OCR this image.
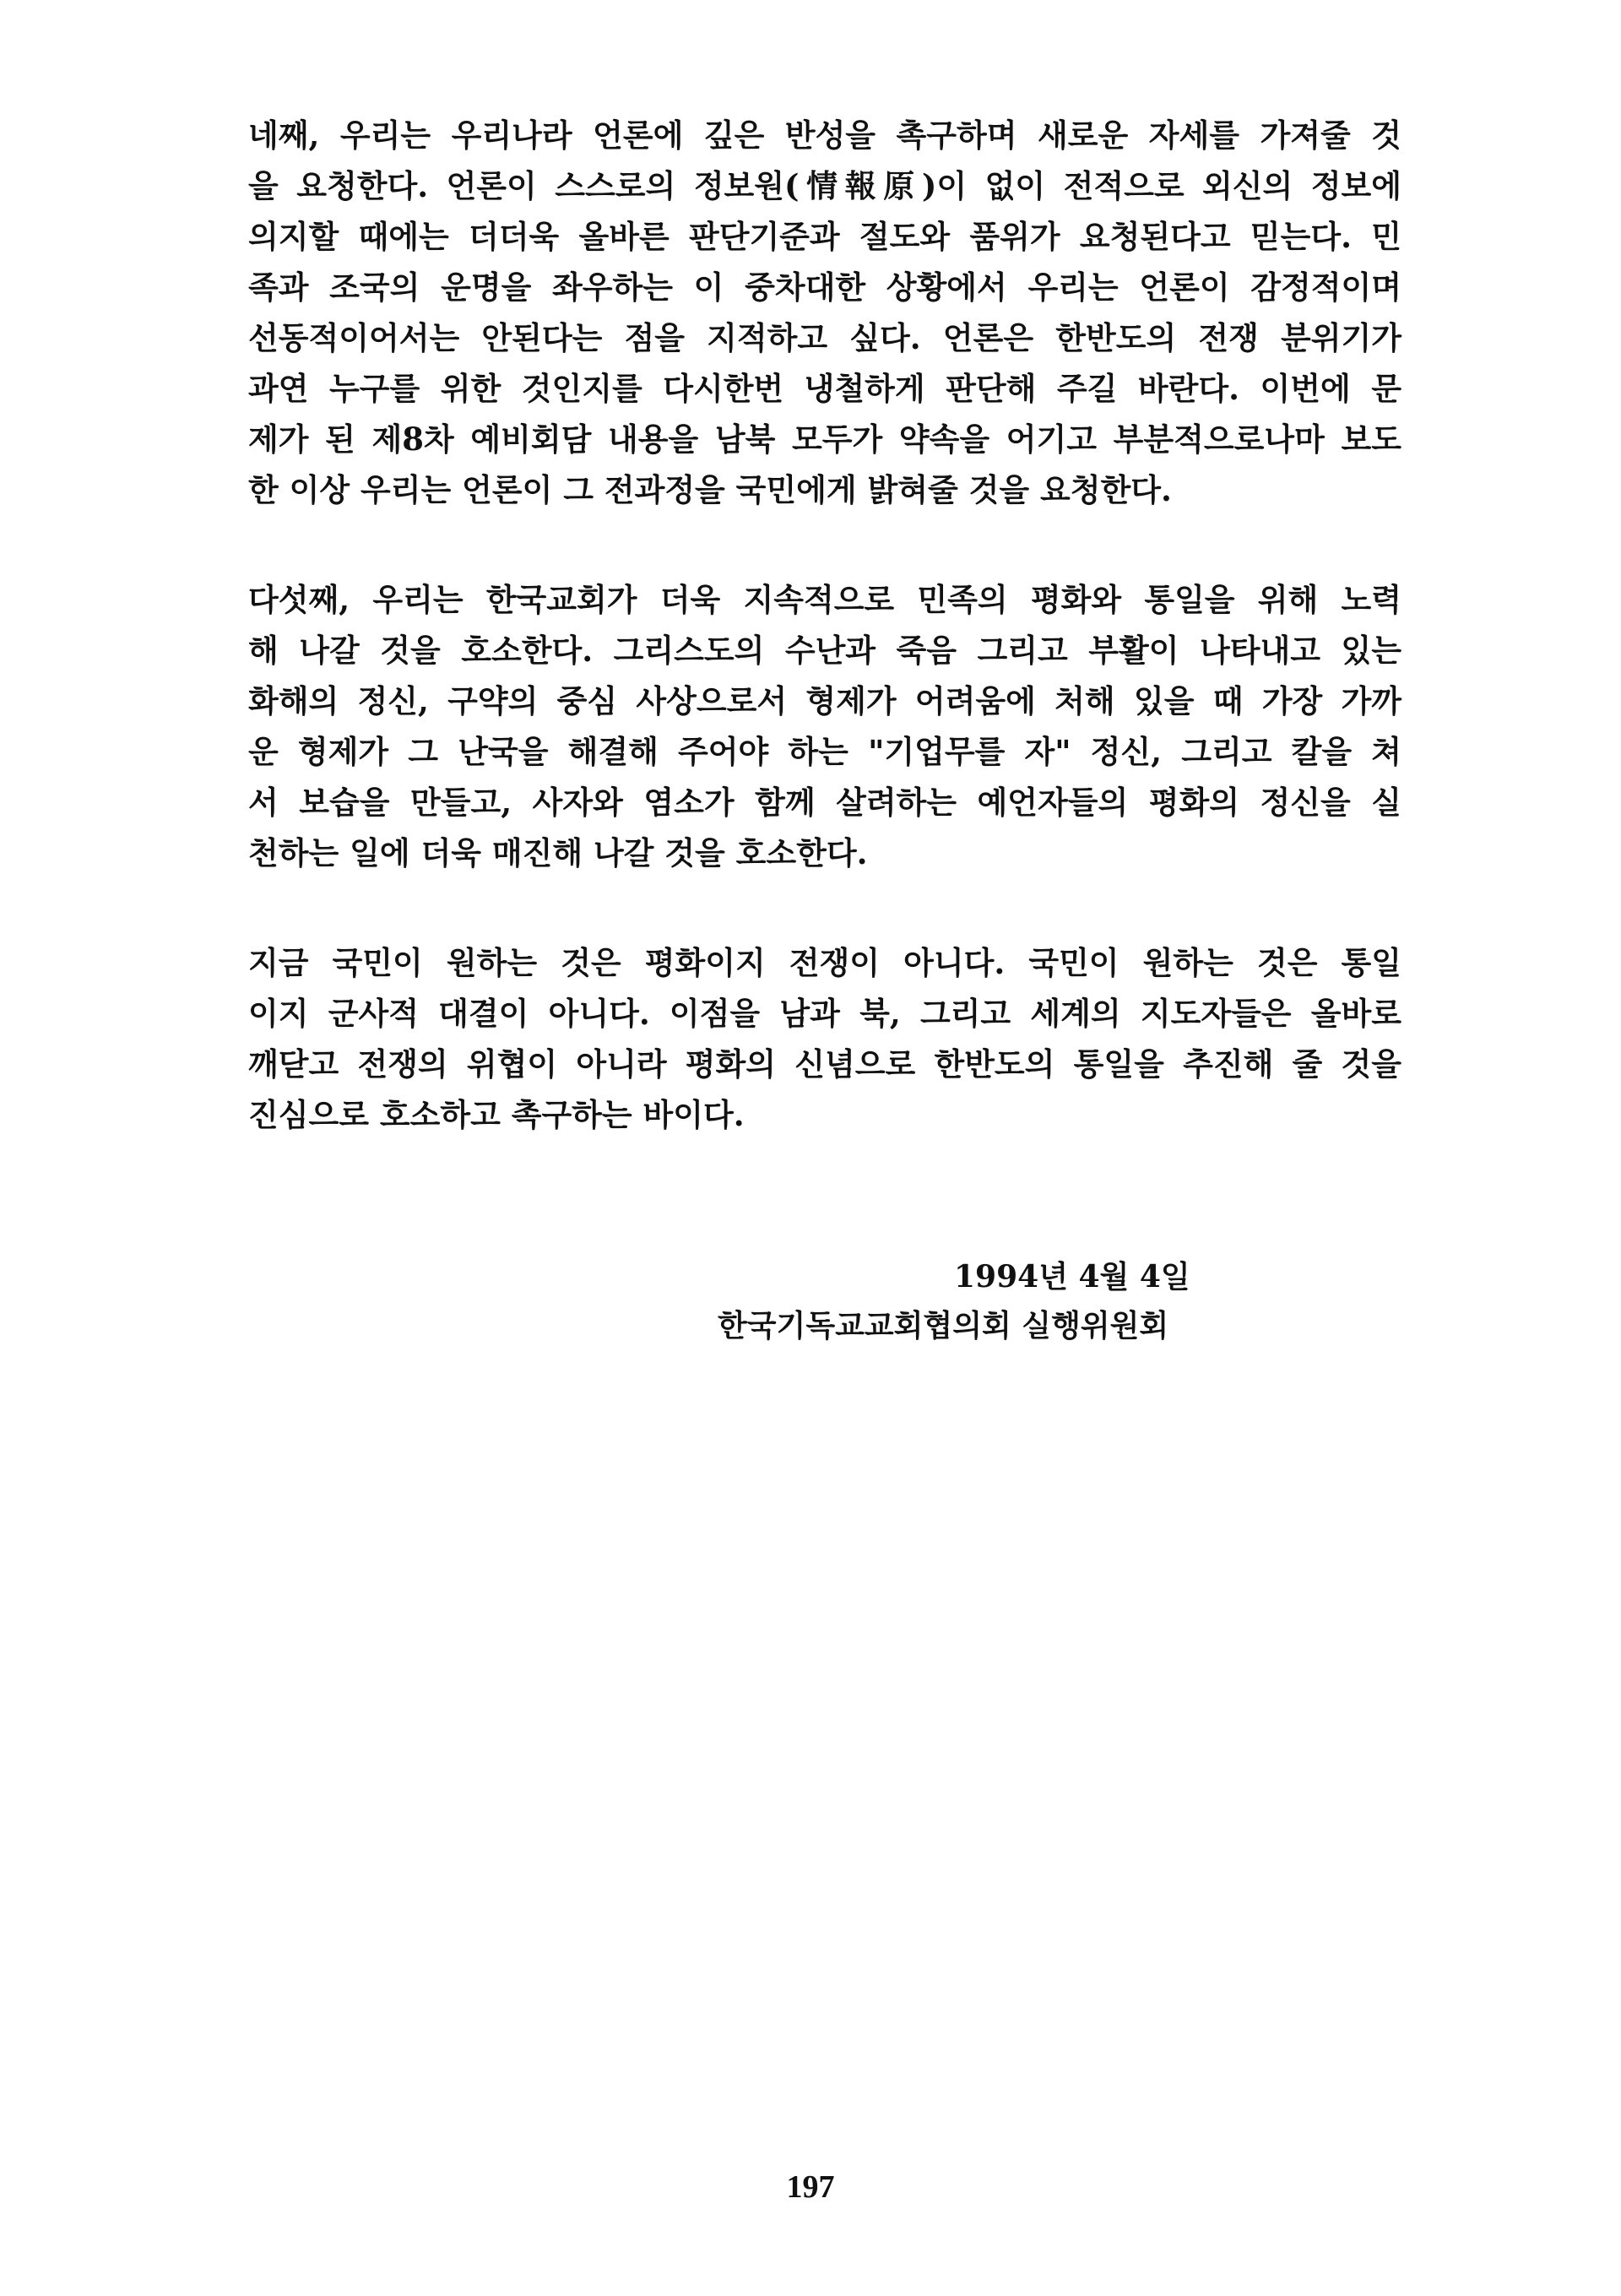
네째, 우리는 우리나라 언론에 깊은 반성을 촉구하며 새로운 자세를 가져줄 것
을 요청한다. 언론이 스스로의 정보원(情報原)이 없이 전적으로 외신의 정보에
의지할 때에는 더더욱 올바른 판단기준과 절도와 품위가 요청된다고 믿는다. 민
족과 조국의 운명을 좌우하는 이 중차대한 상황에서 우리는 언론이 감정적이며
선동적이어서는 안된다는 점을 지적하고 싶다. 언론은 한반도의 전쟁 분위기가
과연 누구를 위한 것인지를 다시한번 냉철하게 판단해 주길 바란다. 이번에 문
제가 된 제8차 예비회담 내용을 남북 모두가 약속을 어기고 부분적으로나마 보도
한 이상 우리는 언론이 그 전과정을 국민에게 밝혀줄 것을 요청한다.
다섯째, 우리는 한국교회가 더욱 지속적으로 민족의 평화와 통일을 위해 노력
해 나갈 것을 호소한다. 그리스도의 수난과 죽음 그리고 부활이 나타내고 있는
화해의 정신, 구약의 중심 사상으로서 형제가 어려움에 처해 있을 때 가장 가까
운 형제가 그 난국을 해결해 주어야 하는 "기업무를 자" 정신, 그리고 칼을 쳐
서 보습을 만들고, 사자와 염소가 함께 살려하는 예언자들의 평화의 정신을 실
천하는 일에 더욱 매진해 나갈 것을 호소한다.
지금 국민이 원하는 것은 평화이지 전쟁이 아니다. 국민이 원하는 것은 통일
이지 군사적 대결이 아니다. 이점을 남과 북, 그리고 세계의 지도자들은 올바로
깨닫고 전쟁의 위협이 아니라 평화의 신념으로 한반도의 통일을 추진해 줄 것을
진심으로 호소하고 촉구하는 바이다.
1994년 4월 4일
한국기독교교회협의회 실행위원회
197
